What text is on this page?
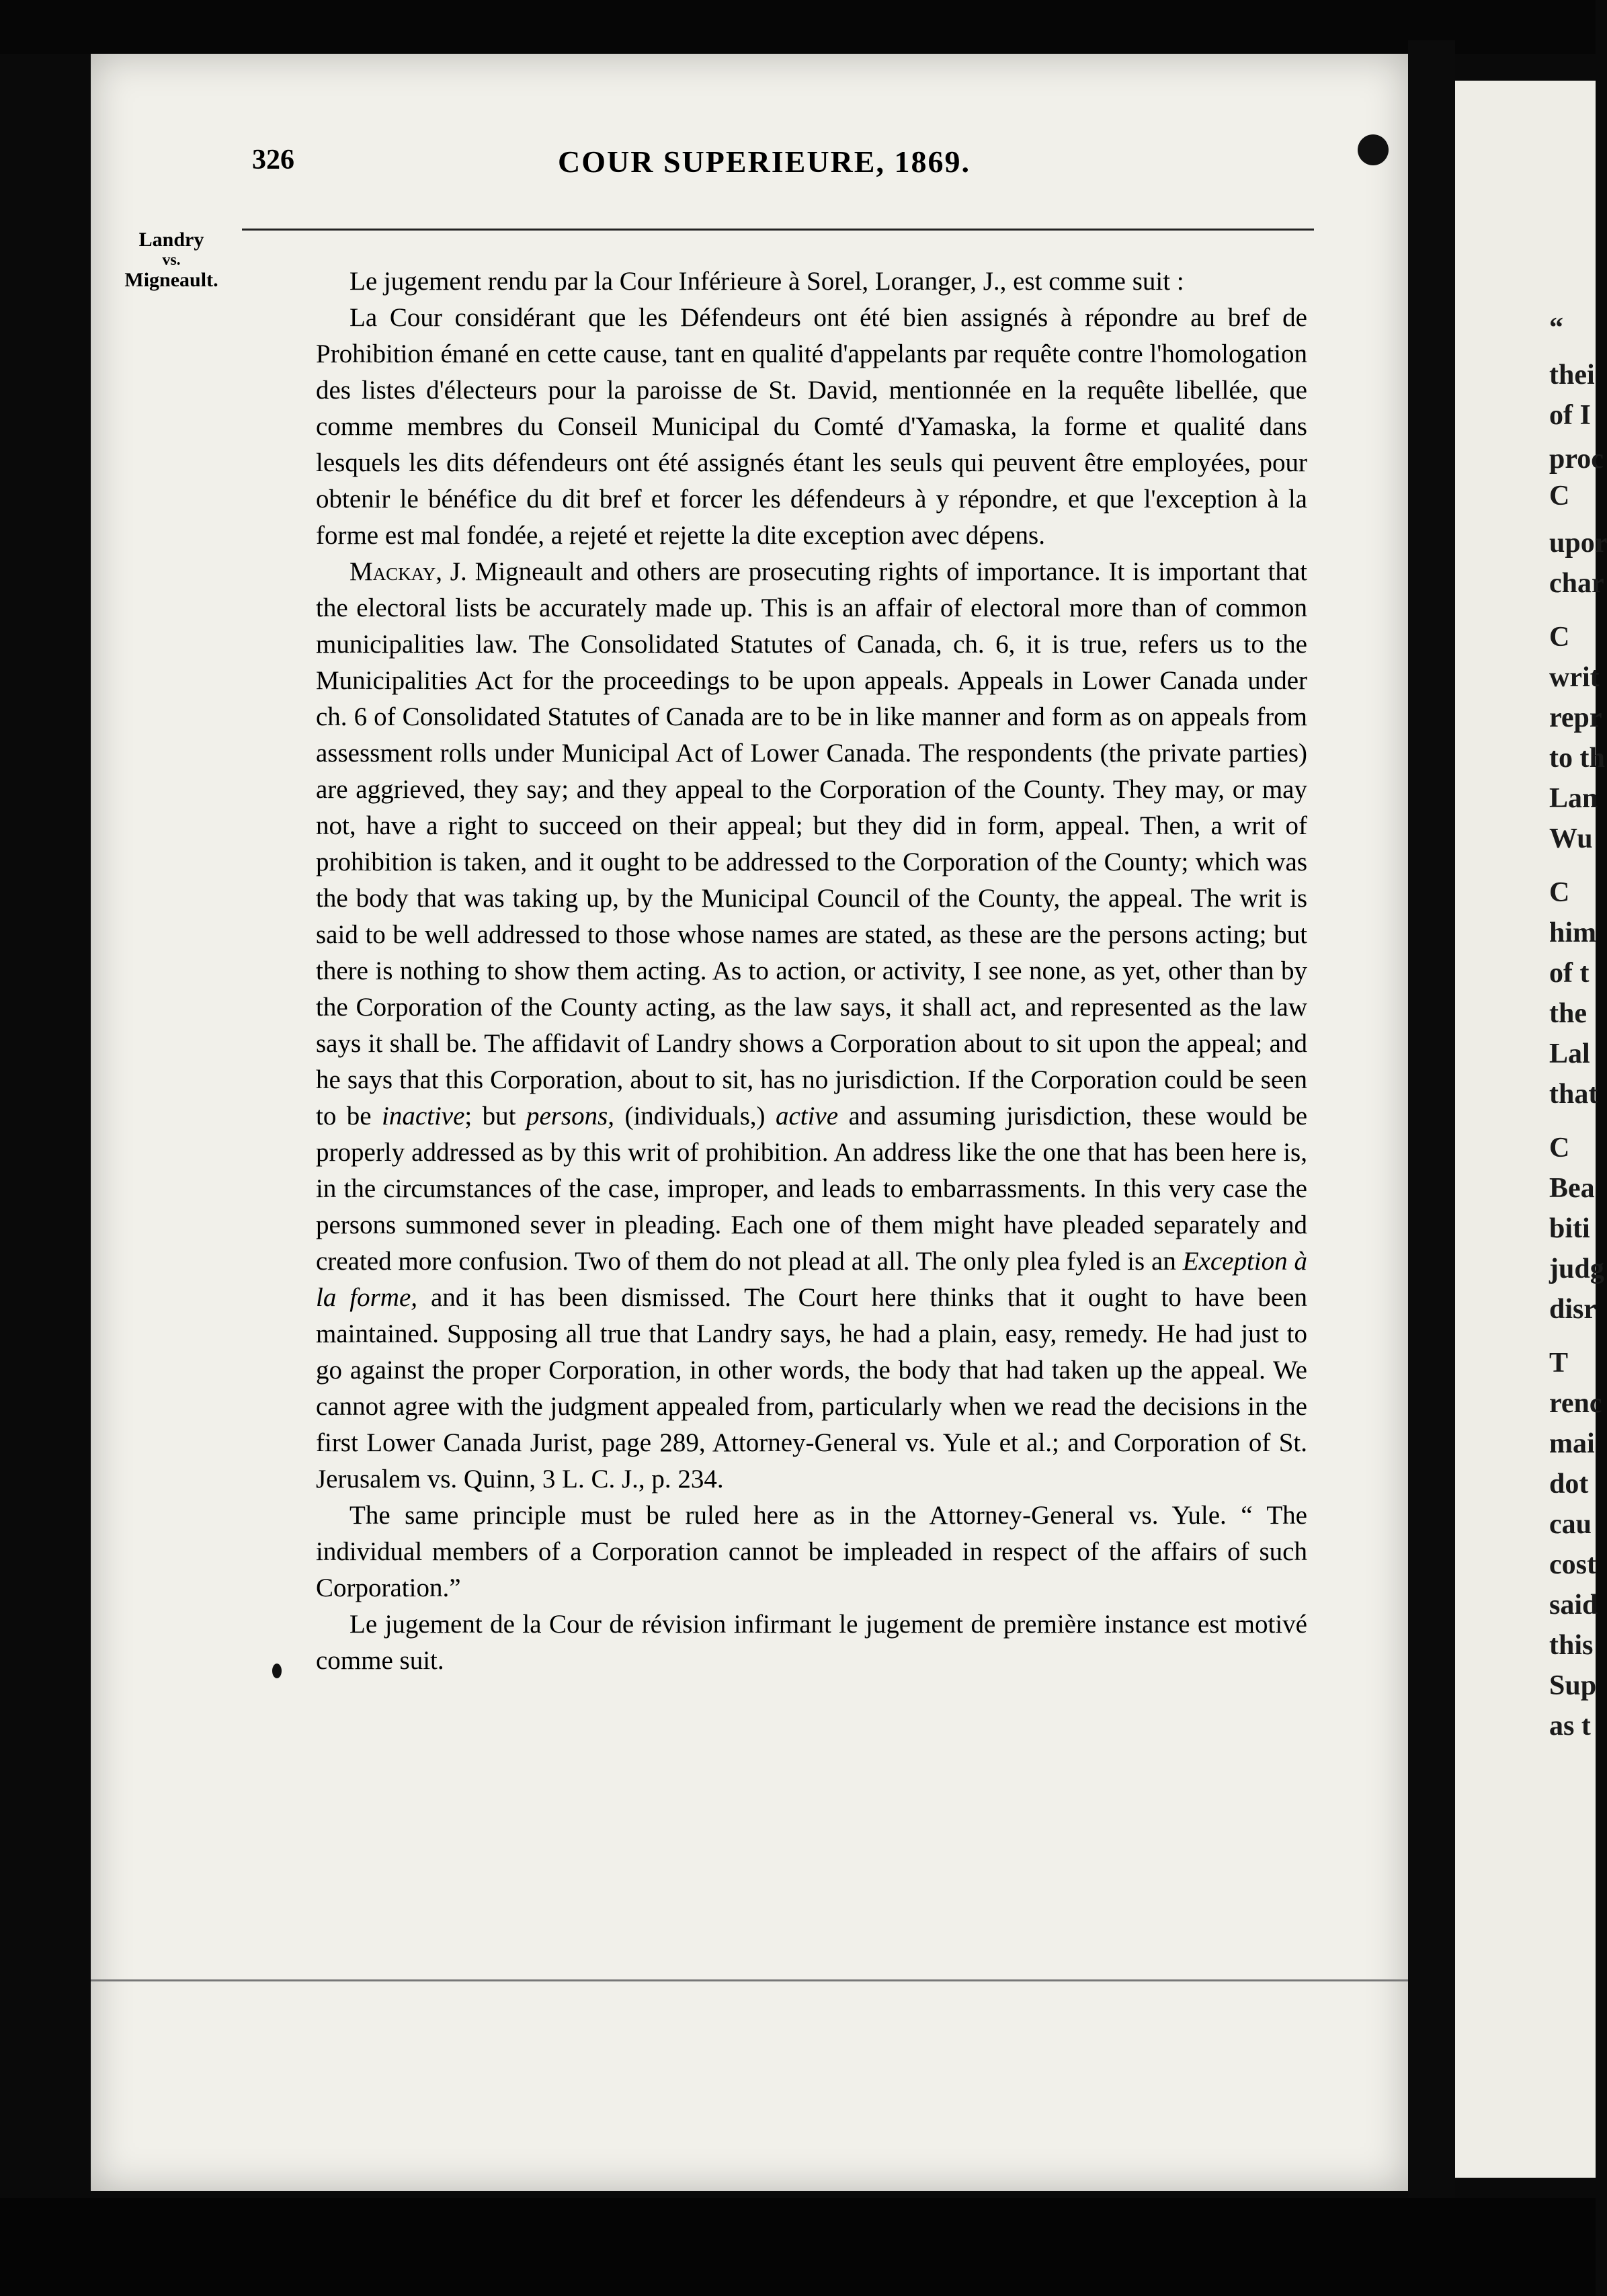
“
thei
of I
proc
C
upor
char
C
writ
repr
to th
Lan
Wu
C
him
of t
the
Lal
that
C
Bea
biti
judg
disr
T
renc
mai
dot
cau
cost
said
this
Sup
as t
326	COUR SUPERIEURE, 1869.
Landry
vs.
Migneault.	Le jugement rendu par la Cour Inférieure à Sorel, Loranger, J., est comme suit :

La Cour considérant que les Défendeurs ont été bien assignés à répondre au bref de Prohibition émané en cette cause, tant en qualité d'appelants par requête contre l'homologation des listes d'électeurs pour la paroisse de St. David, mentionnée en la requête libellée, que comme membres du Conseil Municipal du Comté d'Yamaska, la forme et qualité dans lesquels les dits défendeurs ont été assignés étant les seuls qui peuvent être employées, pour obtenir le bénéfice du dit bref et forcer les défendeurs à y répondre, et que l'exception à la forme est mal fondée, a rejeté et rejette la dite exception avec dépens.

Mackay, J. Migneault and others are prosecuting rights of importance. It is important that the electoral lists be accurately made up. This is an affair of electoral more than of common municipalities law. The Consolidated Statutes of Canada, ch. 6, it is true, refers us to the Municipalities Act for the proceedings to be upon appeals. Appeals in Lower Canada under ch. 6 of Consolidated Statutes of Canada are to be in like manner and form as on appeals from assessment rolls under Municipal Act of Lower Canada. The respondents (the private parties) are aggrieved, they say; and they appeal to the Corporation of the County. They may, or may not, have a right to succeed on their appeal; but they did in form, appeal. Then, a writ of prohibition is taken, and it ought to be addressed to the Corporation of the County; which was the body that was taking up, by the Municipal Council of the County, the appeal. The writ is said to be well addressed to those whose names are stated, as these are the persons acting; but there is nothing to show them acting. As to action, or activity, I see none, as yet, other than by the Corporation of the County acting, as the law says, it shall act, and represented as the law says it shall be. The affidavit of Landry shows a Corporation about to sit upon the appeal; and he says that this Corporation, about to sit, has no jurisdiction. If the Corporation could be seen to be inactive; but persons, (individuals,) active and assuming jurisdiction, these would be properly addressed as by this writ of prohibition. An address like the one that has been here is, in the circumstances of the case, improper, and leads to embarrassments. In this very case the persons summoned sever in pleading. Each one of them might have pleaded separately and created more confusion. Two of them do not plead at all. The only plea fyled is an Exception à la forme, and it has been dismissed. The Court here thinks that it ought to have been maintained. Supposing all true that Landry says, he had a plain, easy, remedy. He had just to go against the proper Corporation, in other words, the body that had taken up the appeal. We cannot agree with the judgment appealed from, particularly when we read the decisions in the first Lower Canada Jurist, page 289, Attorney-General vs. Yule et al.; and Corporation of St. Jerusalem vs. Quinn, 3 L. C. J., p. 234.

The same principle must be ruled here as in the Attorney-General vs. Yule. “ The individual members of a Corporation cannot be impleaded in respect of the affairs of such Corporation.”

Le jugement de la Cour de révision infirmant le jugement de première instance est motivé comme suit.
